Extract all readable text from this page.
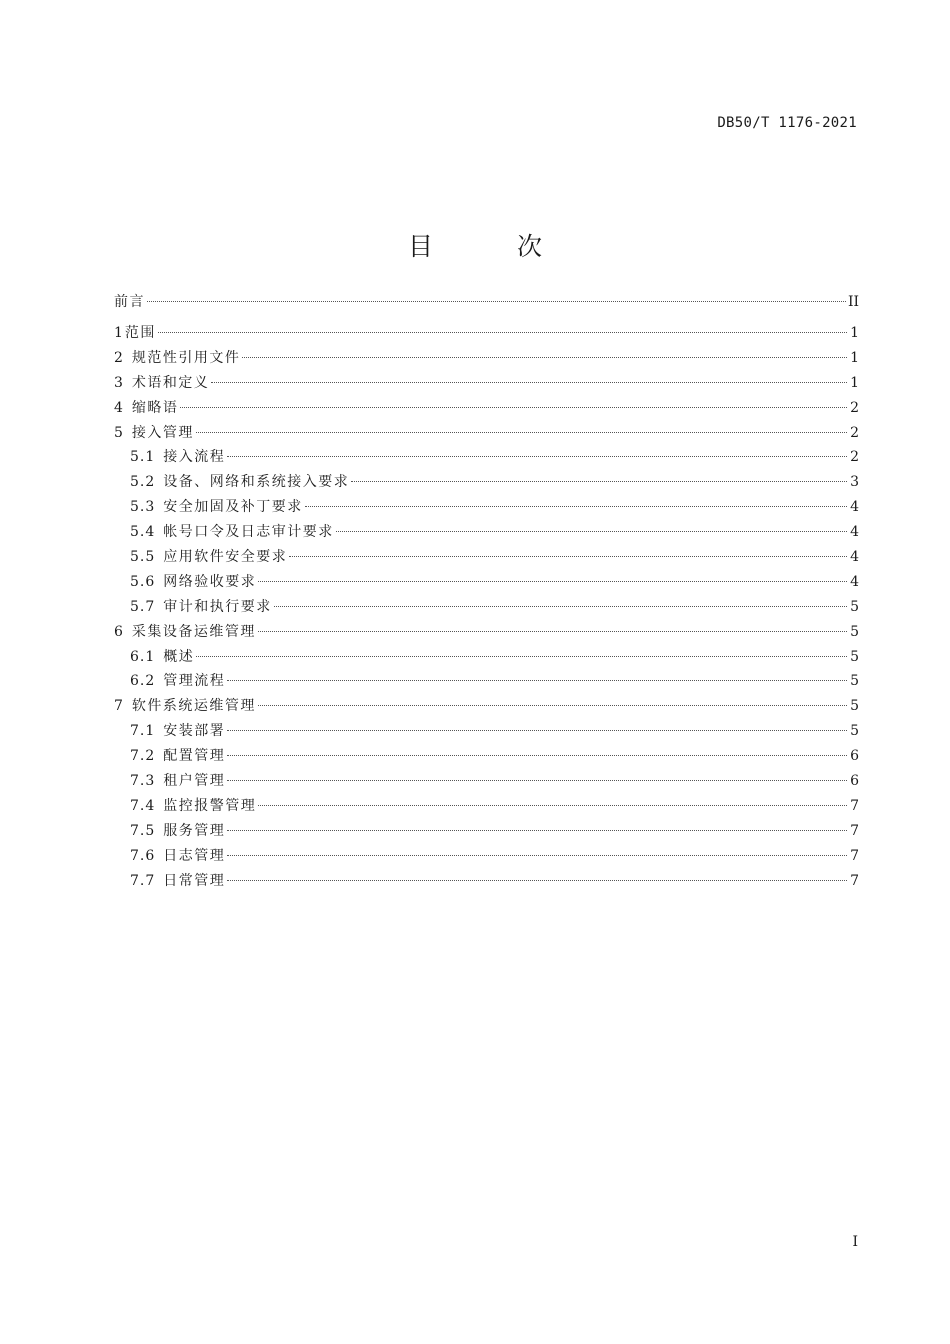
DB50/T 1176-2021
目 次
前言	II
1 范围	1
2 规范性引用文件	1
3 术语和定义	1
4 缩略语	2
5 接入管理	2
5.1 接入流程	2
5.2 设备、网络和系统接入要求	3
5.3 安全加固及补丁要求	4
5.4 帐号口令及日志审计要求	4
5.5 应用软件安全要求	4
5.6 网络验收要求	4
5.7 审计和执行要求	5
6 采集设备运维管理	5
6.1 概述	5
6.2 管理流程	5
7 软件系统运维管理	5
7.1 安装部署	5
7.2 配置管理	6
7.3 租户管理	6
7.4 监控报警管理	7
7.5 服务管理	7
7.6 日志管理	7
7.7 日常管理	7
I
